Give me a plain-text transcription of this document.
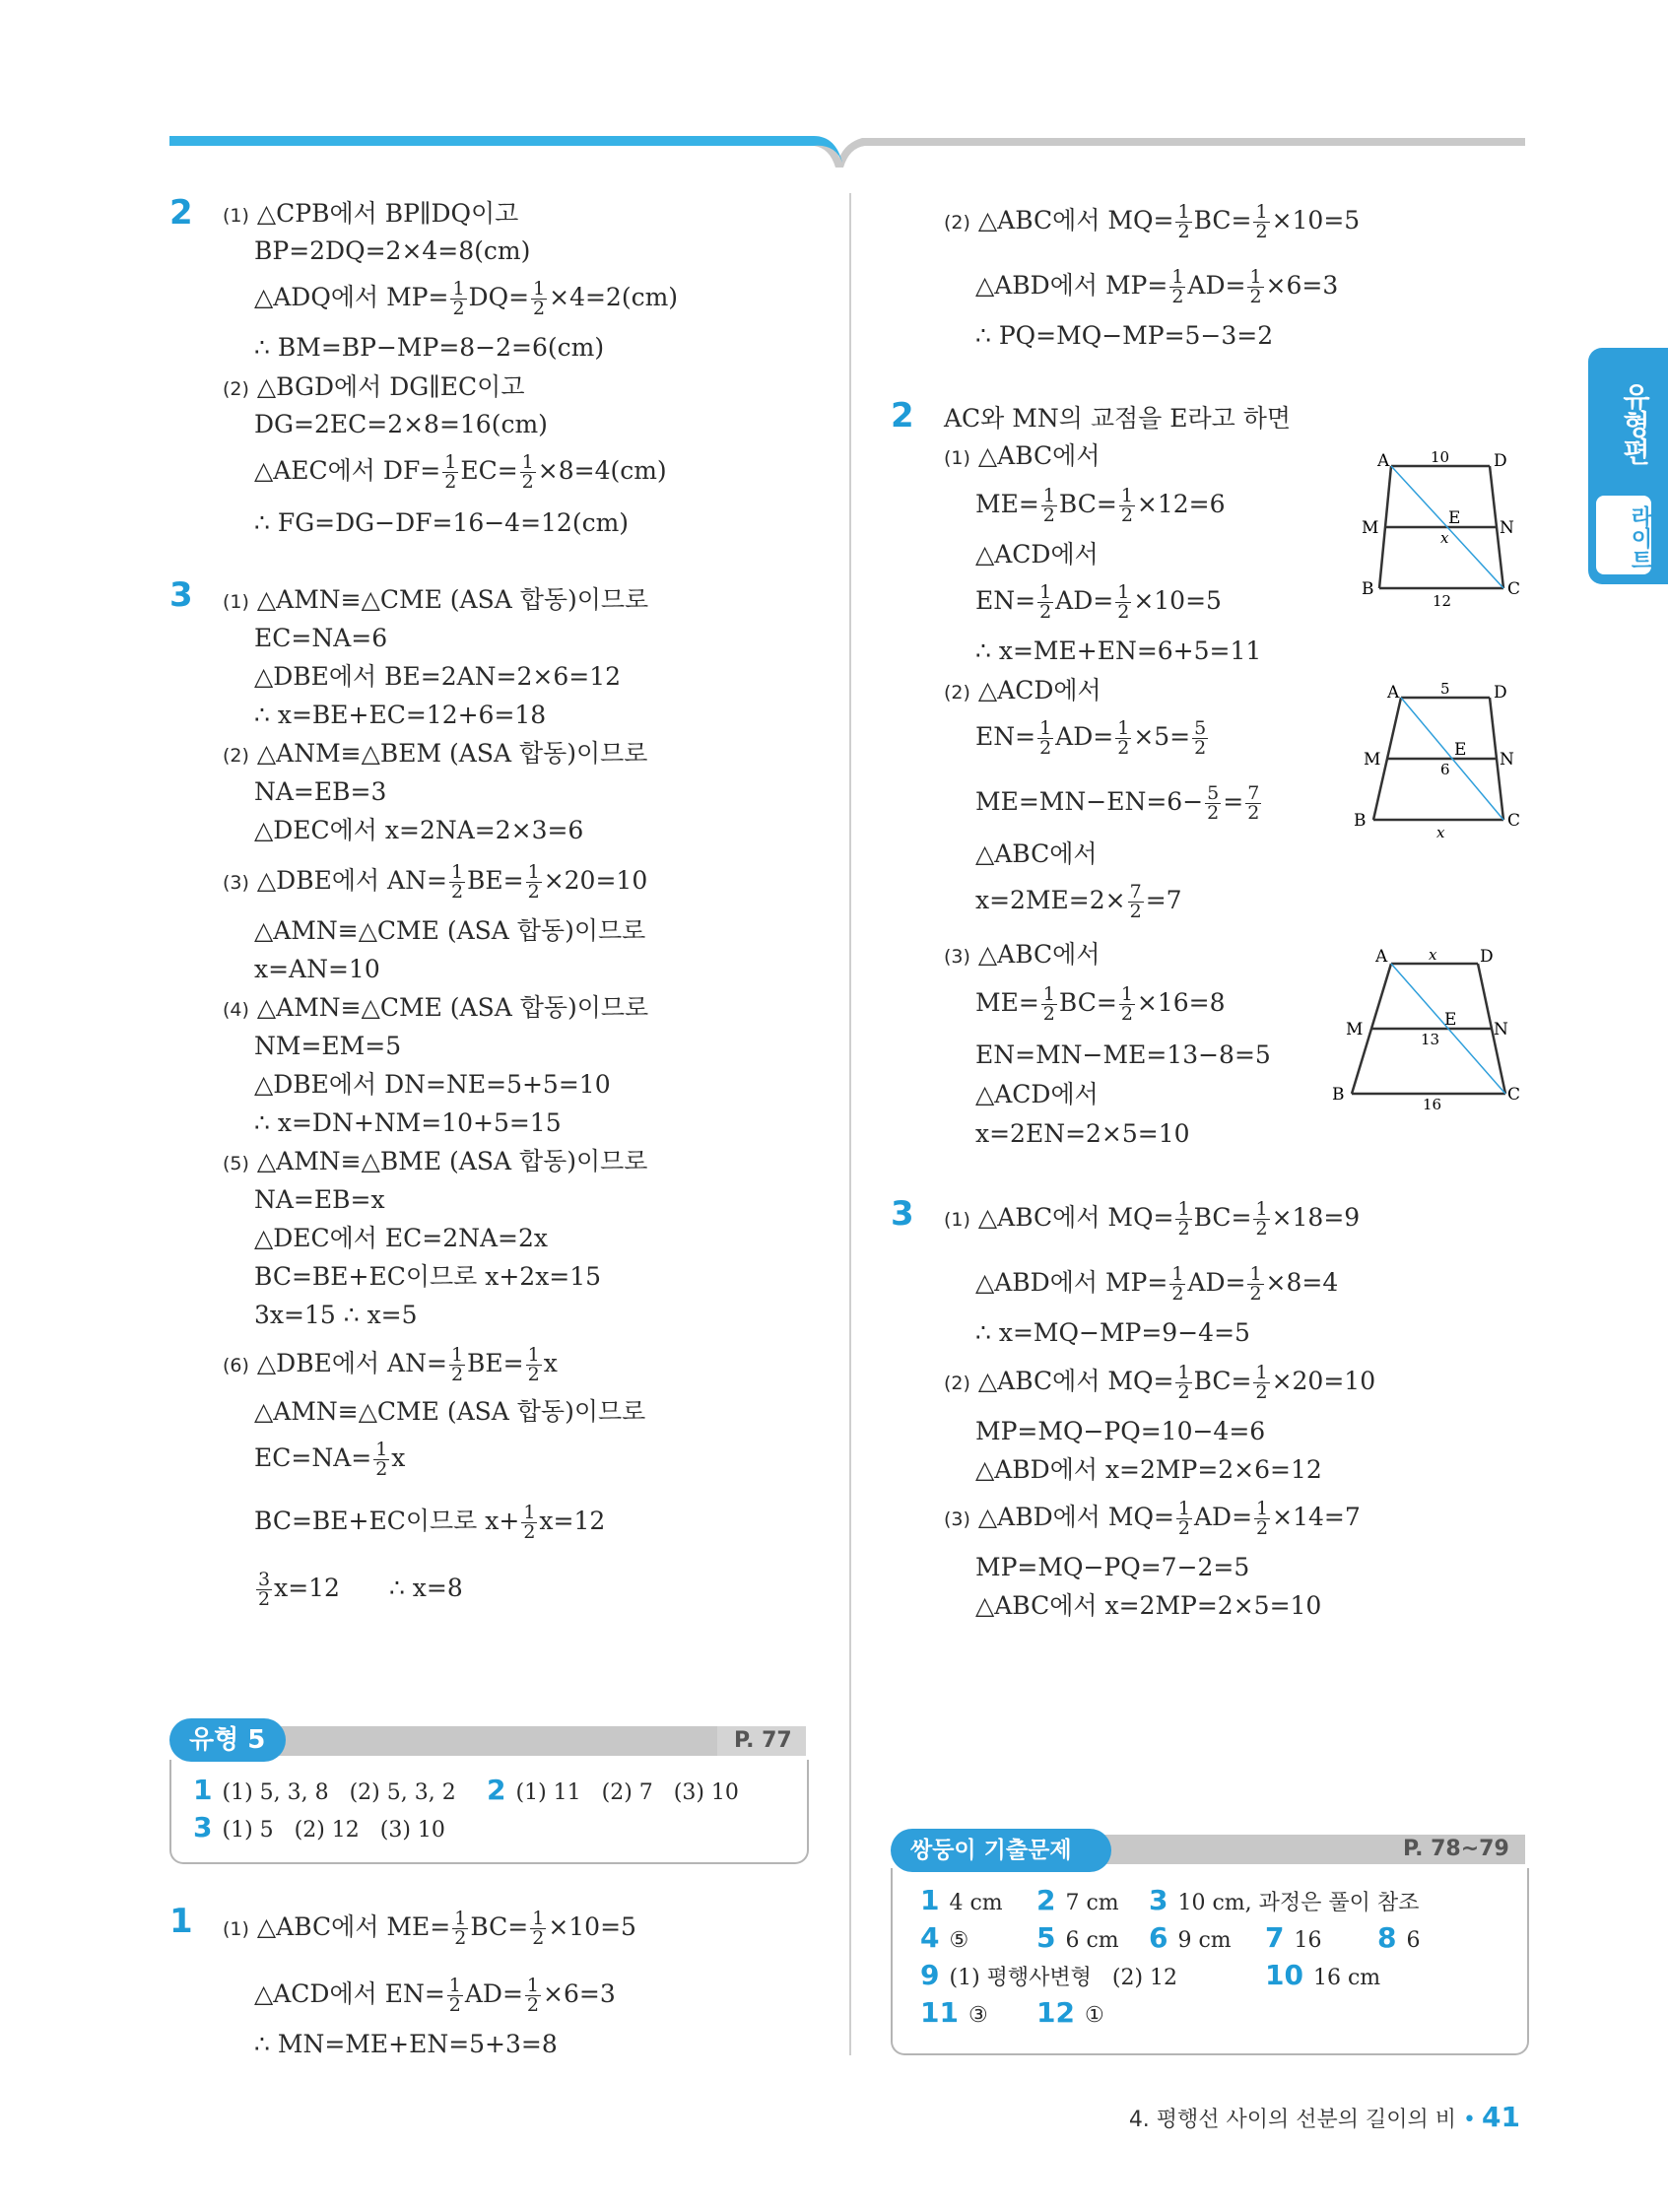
유형편
라이트
2 (1) △CPB에서 BP∥DQ이고
BP=2DQ=2×4=8(cm)
△ADQ에서 $MP= \frac{1}{2} DQ= \frac{1}{2} \times 4=2(cm)$
∴ BM=BP−MP=8−2=6(cm)
(2) △BGD에서 DG∥EC이고
DG=2EC=2×8=16(cm)
△AEC에서 $DF= \frac{1}{2} EC= \frac{1}{2} \times 8=4(cm)$
∴ FG=DG−DF=16−4=12(cm)
3 (1) △AMN≡△CME (ASA 합동)이므로
EC=NA=6
△DBE에서 BE=2AN=2×6=12
∴ x=BE+EC=12+6=18
(2) △ANM≡△BEM (ASA 합동)이므로
NA=EB=3
△DEC에서 x=2NA=2×3=6
(3) △DBE에서 $AN= \frac{1}{2} BE= \frac{1}{2} \times 20=10$
△AMN≡△CME (ASA 합동)이므로
x=AN=10
(4) △AMN≡△CME (ASA 합동)이므로
NM=EM=5
△DBE에서 DN=NE=5+5=10
∴ x=DN+NM=10+5=15
(5) △AMN≡△BME (ASA 합동)이므로
NA=EB=x
△DEC에서 EC=2NA=2x
BC=BE+EC이므로 x+2x=15
3x=15 ∴ x=5
(6) △DBE에서 $AN= \frac{1}{2} BE= \frac{1}{2}$ x
△AMN≡△CME (ASA 합동)이므로
$EC=NA= \frac{1}{2}$ x
BC=BE+EC이므로 $x+ \frac{1}{2} x=12$
$\frac{3}{2} x=12$ ∴ x=8
유형 5	P. 77
1 (1) 5, 3, 8   (2) 5, 3, 2 2 (1) 11   (2) 7   (3) 10
3 (1) 5   (2) 12   (3) 10
1 (1) △ABC에서 $ME= \frac{1}{2} BC= \frac{1}{2} \times 10=5$
△ACD에서 $EN= \frac{1}{2} AD= \frac{1}{2} \times 6=3$
∴ MN=ME+EN=5+3=8
(2) △ABC에서 $MQ= \frac{1}{2} BC= \frac{1}{2} \times 10=5$
△ABD에서 $MP= \frac{1}{2} AD= \frac{1}{2} \times 6=3$
∴ PQ=MQ−MP=5−3=2
2 AC와 MN의 교점을 E라고 하면
(1) △ABC에서
$ME= \frac{1}{2} BC= \frac{1}{2} \times 12=6$
△ACD에서
$EN= \frac{1}{2} AD= \frac{1}{2} \times 10=5$
∴ x=ME+EN=6+5=11
(2) △ACD에서
$EN= \frac{1}{2} AD= \frac{1}{2} \times 5= \frac{5}{2}$
$ME=MN-EN=6- \frac{5}{2} = \frac{7}{2}$
△ABC에서
$x=2ME=2\times \frac{7}{2} =7$
(3) △ABC에서
$ME= \frac{1}{2} BC= \frac{1}{2} \times 16=8$
EN=MN−ME=13−8=5
△ACD에서
x=2EN=2×5=10
A	D
M	N
B	C
E
10
12
x
A	D
M	N
B	C
E
5
x
6
A	D
M	N
B	C
E
x
16
13
3 (1) △ABC에서 $MQ= \frac{1}{2} BC= \frac{1}{2} \times 18=9$
△ABD에서 $MP= \frac{1}{2} AD= \frac{1}{2} \times 8=4$
∴ x=MQ−MP=9−4=5
(2) △ABC에서 $MQ= \frac{1}{2} BC= \frac{1}{2} \times 20=10$
MP=MQ−PQ=10−4=6
△ABD에서 x=2MP=2×6=12
(3) △ABD에서 $MQ= \frac{1}{2} AD= \frac{1}{2} \times 14=7$
MP=MQ−PQ=7−2=5
△ABC에서 x=2MP=2×5=10
쌍둥이 기출문제	P. 78~79
1 4 cm 2 7 cm 3 10 cm, 과정은 풀이 참조
4 ⑤ 5 6 cm 6 9 cm 7 16 8 6
9 (1) 평행사변형   (2) 12	10 16 cm
11 ③ 12 ①
4. 평행선 사이의 선분의 길이의 비 • 41
